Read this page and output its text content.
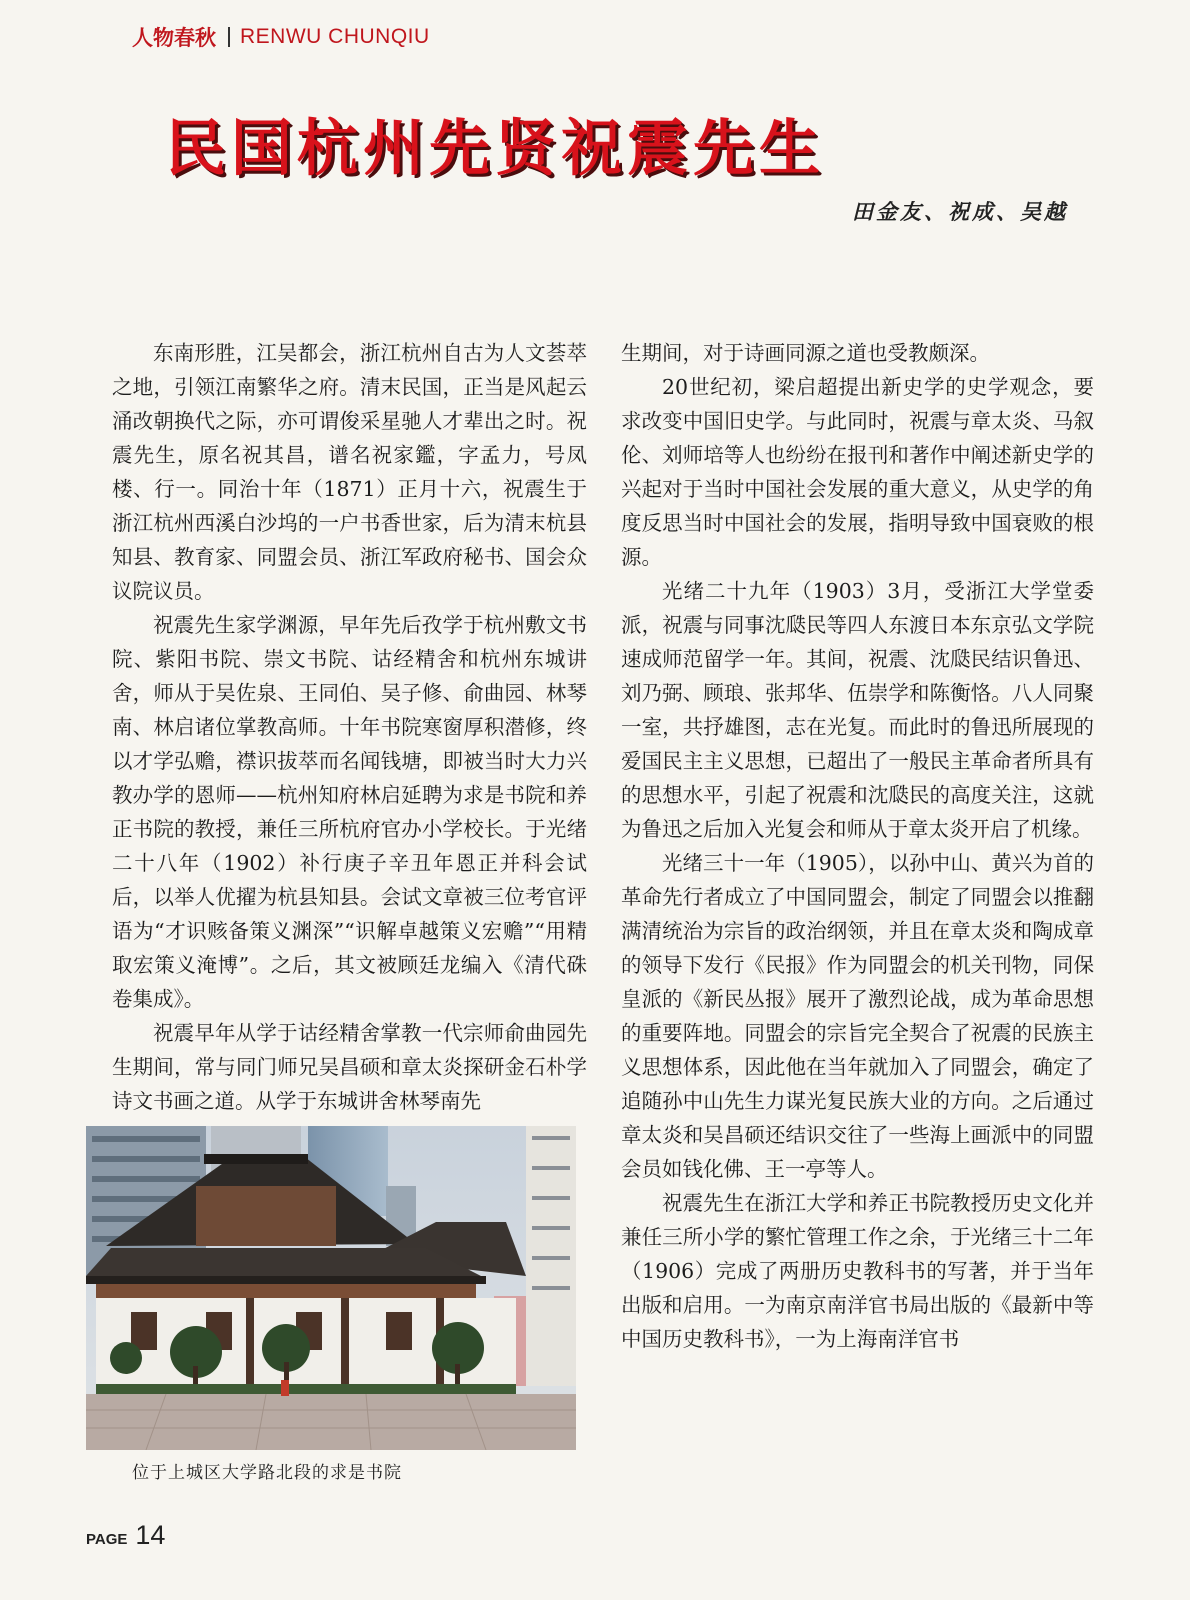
人物春秋 RENWU CHUNQIU
民国杭州先贤祝震先生
田金友、祝成、吴越

东南形胜，江吴都会，浙江杭州自古为人文荟萃之地，引领江南繁华之府。清末民国，正当是风起云涌改朝换代之际，亦可谓俊采星驰人才辈出之时。祝震先生，原名祝其昌，谱名祝家鑑，字孟力，号凤楼、行一。同治十年（1871）正月十六，祝震生于浙江杭州西溪白沙坞的一户书香世家，后为清末杭县知县、教育家、同盟会员、浙江军政府秘书、国会众议院议员。

祝震先生家学渊源，早年先后孜学于杭州敷文书院、紫阳书院、崇文书院、诂经精舍和杭州东城讲舍，师从于吴佐泉、王同伯、吴子修、俞曲园、林琴南、林启诸位掌教高师。十年书院寒窗厚积潜修，终以才学弘赡，襟识拔萃而名闻钱塘，即被当时大力兴教办学的恩师——杭州知府林启延聘为求是书院和养正书院的教授，兼任三所杭府官办小学校长。于光绪二十八年（1902）补行庚子辛丑年恩正并科会试后，以举人优擢为杭县知县。会试文章被三位考官评语为“才识赅备策义渊深”“识解卓越策义宏赡”“用精取宏策义淹博”。之后，其文被顾廷龙编入《清代硃卷集成》。

祝震早年从学于诂经精舍掌教一代宗师俞曲园先生期间，常与同门师兄吴昌硕和章太炎探研金石朴学诗文书画之道。从学于东城讲舍林琴南先

生期间，对于诗画同源之道也受教颇深。

20世纪初，梁启超提出新史学的史学观念，要求改变中国旧史学。与此同时，祝震与章太炎、马叙伦、刘师培等人也纷纷在报刊和著作中阐述新史学的兴起对于当时中国社会发展的重大意义，从史学的角度反思当时中国社会的发展，指明导致中国衰败的根源。

光绪二十九年（1903）3月，受浙江大学堂委派，祝震与同事沈瓞民等四人东渡日本东京弘文学院速成师范留学一年。其间，祝震、沈瓞民结识鲁迅、刘乃弼、顾琅、张邦华、伍崇学和陈衡恪。八人同聚一室，共抒雄图，志在光复。而此时的鲁迅所展现的爱国民主主义思想，已超出了一般民主革命者所具有的思想水平，引起了祝震和沈瓞民的高度关注，这就为鲁迅之后加入光复会和师从于章太炎开启了机缘。

光绪三十一年（1905），以孙中山、黄兴为首的革命先行者成立了中国同盟会，制定了同盟会以推翻满清统治为宗旨的政治纲领，并且在章太炎和陶成章的领导下发行《民报》作为同盟会的机关刊物，同保皇派的《新民丛报》展开了激烈论战，成为革命思想的重要阵地。同盟会的宗旨完全契合了祝震的民族主义思想体系，因此他在当年就加入了同盟会，确定了追随孙中山先生力谋光复民族大业的方向。之后通过章太炎和吴昌硕还结识交往了一些海上画派中的同盟会员如钱化佛、王一亭等人。

祝震先生在浙江大学和养正书院教授历史文化并兼任三所小学的繁忙管理工作之余，于光绪三十二年（1906）完成了两册历史教科书的写著，并于当年出版和启用。一为南京南洋官书局出版的《最新中等中国历史教科书》，一为上海南洋官书

位于上城区大学路北段的求是书院
PAGE 14
